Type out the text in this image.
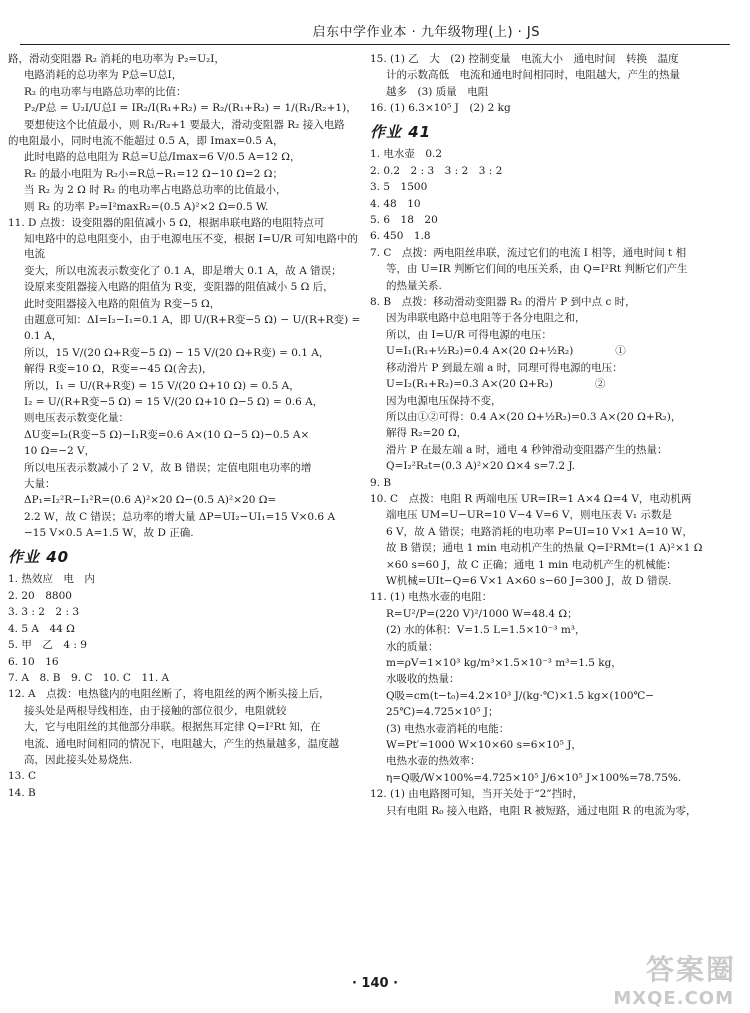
启东中学作业本 · 九年级物理(上) · JS

路，滑动变阻器 R₂ 消耗的电功率为 P₂=U₂I，

电路消耗的总功率为 P总=U总I，

R₂ 的电功率与电路总功率的比值：

P₂/P总 = U₂I/U总I = IR₂/I(R₁+R₂) = R₂/(R₁+R₂) = 1/(R₁/R₂+1)，

要想使这个比值最小，则 R₁/R₂+1 要最大，滑动变阻器 R₂ 接入电路

的电阻最小，同时电流不能超过 0.5 A，即 Imax=0.5 A，

此时电路的总电阻为 R总=U总/Imax=6 V/0.5 A=12 Ω，

R₂ 的最小电阻为 R₂小=R总−R₁=12 Ω−10 Ω=2 Ω；

当 R₂ 为 2 Ω 时 R₂ 的电功率占电路总功率的比值最小，

则 R₂ 的功率 P₂=I²maxR₂=(0.5 A)²×2 Ω=0.5 W.

11. D 点拨：设变阻器的阻值减小 5 Ω，根据串联电路的电阻特点可

知电路中的总电阻变小，由于电源电压不变，根据 I=U/R 可知电路中的电流

变大，所以电流表示数变化了 0.1 A，即是增大 0.1 A，故 A 错误；

设原来变阻器接入电路的阻值为 R变，变阻器的阻值减小 5 Ω 后，

此时变阻器接入电路的阻值为 R变−5 Ω，

由题意可知：ΔI=I₂−I₁=0.1 A，即 U/(R+R变−5 Ω) − U/(R+R变) =

0.1 A，

所以，15 V/(20 Ω+R变−5 Ω) − 15 V/(20 Ω+R变) = 0.1 A，

解得 R变=10 Ω，R变=−45 Ω(舍去)，

所以，I₁ = U/(R+R变) = 15 V/(20 Ω+10 Ω) = 0.5 A，

I₂ = U/(R+R变−5 Ω) = 15 V/(20 Ω+10 Ω−5 Ω) = 0.6 A，

则电压表示数变化量：

ΔU变=I₂(R变−5 Ω)−I₁R变=0.6 A×(10 Ω−5 Ω)−0.5 A×

10 Ω=−2 V，

所以电压表示数减小了 2 V，故 B 错误；定值电阻电功率的增

大量：

ΔP₁=I₂²R−I₁²R=(0.6 A)²×20 Ω−(0.5 A)²×20 Ω=

2.2 W，故 C 错误；总功率的增大量 ΔP=UI₂−UI₁=15 V×0.6 A

−15 V×0.5 A=1.5 W，故 D 正确.

作业 40

1. 热效应　电　内

2. 20　8800

3. 3 : 2　2 : 3

4. 5 A　44 Ω

5. 甲　乙　4 : 9

6. 10　16

7. A　8. B　9. C　10. C　11. A

12. A　点拨：电热毯内的电阻丝断了，将电阻丝的两个断头接上后，

接头处是两根导线相连，由于接触的部位很少，电阻就较

大，它与电阻丝的其他部分串联。根据焦耳定律 Q=I²Rt 知，在

电流、通电时间相同的情况下，电阻越大，产生的热量越多，温度越

高，因此接头处易烧焦.

13. C

14. B

15. (1) 乙　大　(2) 控制变量　电流大小　通电时间　转换　温度

计的示数高低　电流和通电时间相同时，电阻越大，产生的热量

越多　(3) 质量　电阻

16. (1) 6.3×10⁵ J　(2) 2 kg

作业 41

1. 电水壶　0.2

2. 0.2　2 : 3　3 : 2　3 : 2

3. 5　1500

4. 48　10

5. 6　18　20

6. 450　1.8

7. C　点拨：两电阻丝串联，流过它们的电流 I 相等，通电时间 t 相

等，由 U=IR 判断它们间的电压关系，由 Q=I²Rt 判断它们产生

的热量关系.

8. B　点拨：移动滑动变阻器 R₂ 的滑片 P 到中点 c 时，

因为串联电路中总电阻等于各分电阻之和，

所以，由 I=U/R 可得电源的电压：

U=I₁(R₁+½R₂)=0.4 A×(20 Ω+½R₂)　　　　①

移动滑片 P 到最左端 a 时，同理可得电源的电压：

U=I₂(R₁+R₂)=0.3 A×(20 Ω+R₂)　　　　②

因为电源电压保持不变，

所以由①②可得：0.4 A×(20 Ω+½R₂)=0.3 A×(20 Ω+R₂)，

解得 R₂=20 Ω，

滑片 P 在最左端 a 时，通电 4 秒钟滑动变阻器产生的热量：

Q=I₂²R₂t=(0.3 A)²×20 Ω×4 s=7.2 J.

9. B

10. C　点拨：电阻 R 两端电压 UR=IR=1 A×4 Ω=4 V，电动机两

端电压 UM=U−UR=10 V−4 V=6 V，则电压表 V₁ 示数是

6 V，故 A 错误；电路消耗的电功率 P=UI=10 V×1 A=10 W，

故 B 错误；通电 1 min 电动机产生的热量 Q=I²RMt=(1 A)²×1 Ω

×60 s=60 J，故 C 正确；通电 1 min 电动机产生的机械能：

W机械=UIt−Q=6 V×1 A×60 s−60 J=300 J，故 D 错误.

11. (1) 电热水壶的电阻：

R=U²/P=(220 V)²/1000 W=48.4 Ω；

(2) 水的体积：V=1.5 L=1.5×10⁻³ m³，

水的质量：

m=ρV=1×10³ kg/m³×1.5×10⁻³ m³=1.5 kg，

水吸收的热量：

Q吸=cm(t−t₀)=4.2×10³ J/(kg·℃)×1.5 kg×(100℃−

25℃)=4.725×10⁵ J；

(3) 电热水壶消耗的电能：

W=Pt′=1000 W×10×60 s=6×10⁵ J，

电热水壶的热效率：

η=Q吸/W×100%=4.725×10⁵ J/6×10⁵ J×100%=78.75%.

12. (1) 由电路图可知，当开关处于“2”挡时，

只有电阻 R₀ 接入电路，电阻 R 被短路，通过电阻 R 的电流为零，

· 140 ·	答案圈
MXQE.COM
